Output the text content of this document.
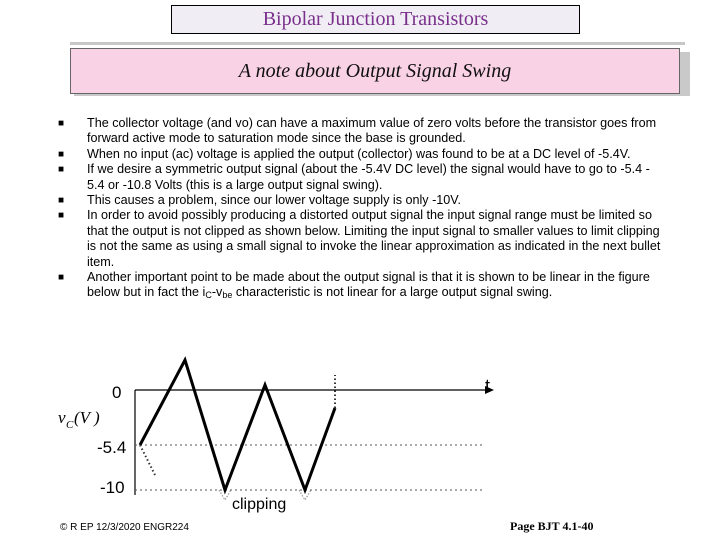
Bipolar Junction Transistors
A note about Output Signal Swing
■ The collector voltage (and vo) can have a maximum value of zero volts before the transistor goes from forward active mode to saturation mode since the base is grounded.
■ When no input (ac) voltage is applied the output (collector) was found to be at a DC level of -5.4V.
■ If we desire a symmetric output signal (about the -5.4V DC level) the signal would have to go to -5.4 - 5.4 or -10.8 Volts (this is a large output signal swing).
■ This causes a problem, since our lower voltage supply is only -10V.
■ In order to avoid possibly producing a distorted output signal the input signal range must be limited so that the output is not clipped as shown below. Limiting the input signal to smaller values to limit clipping is not the same as using a small signal to invoke the linear approximation as indicated in the next bullet item.
■ Another important point to be made about the output signal is that it is shown to be linear in the figure below but in fact the $i_C-v_{be}$ characteristic is not linear for a large output signal swing.
0
-5.4
-10
t
clipping
v C (V )
© R EP 12/3/2020 ENGR224	Page BJT 4.1-40
